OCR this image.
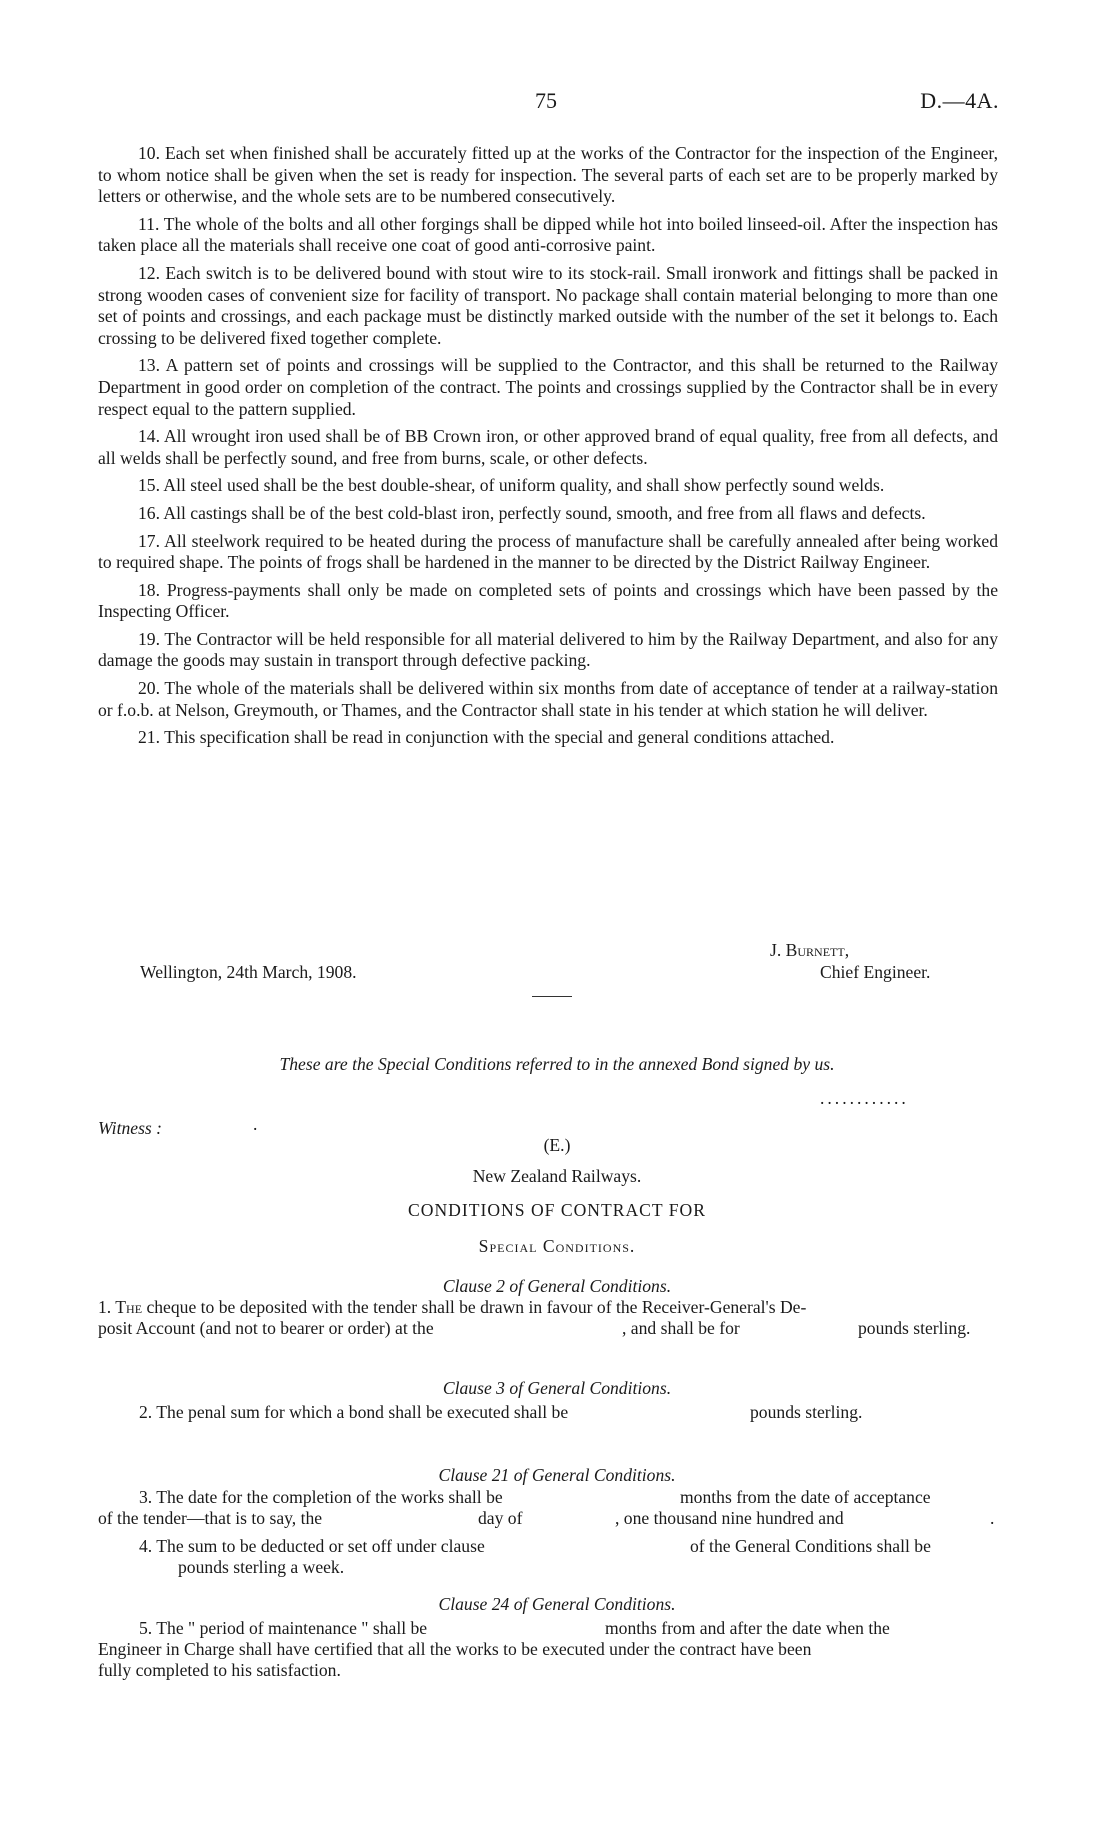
75	D.—4A.

10. Each set when finished shall be accurately fitted up at the works of the Contractor for the inspection of the Engineer, to whom notice shall be given when the set is ready for inspection. The several parts of each set are to be properly marked by letters or otherwise, and the whole sets are to be numbered consecutively.

11. The whole of the bolts and all other forgings shall be dipped while hot into boiled linseed-oil. After the inspection has taken place all the materials shall receive one coat of good anti-corrosive paint.

12. Each switch is to be delivered bound with stout wire to its stock-rail. Small ironwork and fittings shall be packed in strong wooden cases of convenient size for facility of transport. No package shall contain material belonging to more than one set of points and crossings, and each package must be distinctly marked outside with the number of the set it belongs to. Each crossing to be delivered fixed together complete.

13. A pattern set of points and crossings will be supplied to the Contractor, and this shall be returned to the Railway Department in good order on completion of the contract. The points and crossings supplied by the Contractor shall be in every respect equal to the pattern supplied.

14. All wrought iron used shall be of BB Crown iron, or other approved brand of equal quality, free from all defects, and all welds shall be perfectly sound, and free from burns, scale, or other defects.

15. All steel used shall be the best double-shear, of uniform quality, and shall show perfectly sound welds.

16. All castings shall be of the best cold-blast iron, perfectly sound, smooth, and free from all flaws and defects.

17. All steelwork required to be heated during the process of manufacture shall be carefully annealed after being worked to required shape. The points of frogs shall be hardened in the manner to be directed by the District Railway Engineer.

18. Progress-payments shall only be made on completed sets of points and crossings which have been passed by the Inspecting Officer.

19. The Contractor will be held responsible for all material delivered to him by the Railway Department, and also for any damage the goods may sustain in transport through defective packing.

20. The whole of the materials shall be delivered within six months from date of acceptance of tender at a railway-station or f.o.b. at Nelson, Greymouth, or Thames, and the Contractor shall state in his tender at which station he will deliver.

21. This specification shall be read in conjunction with the special and general conditions attached.

J. Burnett,
Chief Engineer.
Wellington, 24th March, 1908.
These are the Special Conditions referred to in the annexed Bond signed by us.
............
Witness :	.
(E.)
New Zealand Railways.
CONDITIONS OF CONTRACT FOR
Special Conditions.
Clause 2 of General Conditions.
1. The cheque to be deposited with the tender shall be drawn in favour of the Receiver-General's De-
posit Account (and not to bearer or order) at the	, and shall be for	pounds sterling.
Clause 3 of General Conditions.
2. The penal sum for which a bond shall be executed shall be	pounds sterling.
Clause 21 of General Conditions.
3. The date for the completion of the works shall be	months from the date of acceptance
of the tender—that is to say, the	day of	, one thousand nine hundred and	.
4. The sum to be deducted or set off under clause	of the General Conditions shall be
pounds sterling a week.
Clause 24 of General Conditions.
5. The " period of maintenance " shall be	months from and after the date when the
Engineer in Charge shall have certified that all the works to be executed under the contract have been
fully completed to his satisfaction.
